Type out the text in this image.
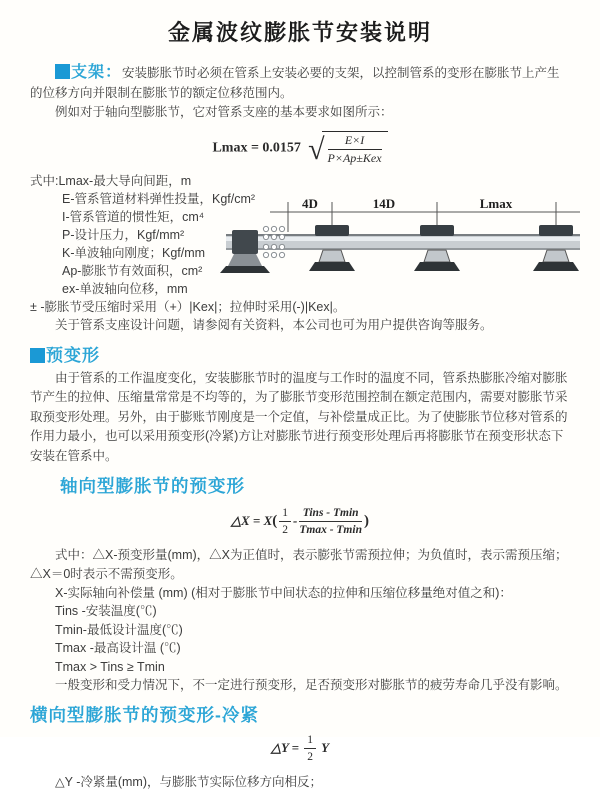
金属波纹膨胀节安装说明

支架：安装膨胀节时必须在管系上安装必要的支架，以控制管系的变形在膨胀节上产生的位移方向并限制在膨胀节的额定位移范围内。

例如对于轴向型膨胀节，它对管系支座的基本要求如图所示：

Lmax = 0.0157 √	E×I
P×Ap±Kex
式中:Lmax-最大导向间距，m
E-管系管道材料弹性投量，Kgf/cm²
I-管系管道的惯性矩，cm⁴
P-设计压力，Kgf/mm²
K-单波轴向刚度；Kgf/mm
Ap-膨胀节有效面积，cm²
ex-单波轴向位移，mm
4D	14D	Lmax

± -膨胀节受压缩时采用（+）|Kex|；拉伸时采用(-)|Kex|。

关于管系支座设计问题，请参阅有关资料，本公司也可为用户提供咨询等服务。

预变形

由于管系的工作温度变化，安装膨胀节时的温度与工作时的温度不同，管系热膨胀冷缩对膨胀节产生的拉伸、压缩量常常是不均等的，为了膨胀节变形范围控制在额定范围内，需要对膨胀节采取预变形处理。另外，由于膨账节刚度是一个定值，与补偿量成正比。为了使膨胀节位移对管系的作用力最小，也可以采用预变形(冷紧)方让对膨胀节进行预变形处理后再将膨胀节在预变形状态下安装在管系中。

轴向型膨胀节的预变形
△X = $X( \frac{1}{2} - \frac{\text{Tins - Tmin}}{Tmax - Tmin}$ )

式中：△X-预变形量(mm)，△X为正值时，表示膨张节需预拉伸；为负值时，表示需预压缩；△X＝0时表示不需预变形。

X-实际轴向补偿量 (mm) (相对于膨胀节中间状态的拉伸和压缩位移量绝对值之和)：

Tins -安装温度(℃)

Tmin-最低设计温度(℃)

Tmax -最高设计温 (℃)

Tmax > Tins ≥ Tmin

一般变形和受力情况下，不一定进行预变形，足否预变形对膨胀节的疲劳寿命几乎没有影响。

横向型膨胀节的预变形-冷紧
△Y = $\frac{1}{2}$ Y

△Y -冷紧量(mm)，与膨胀节实际位移方向相反；
